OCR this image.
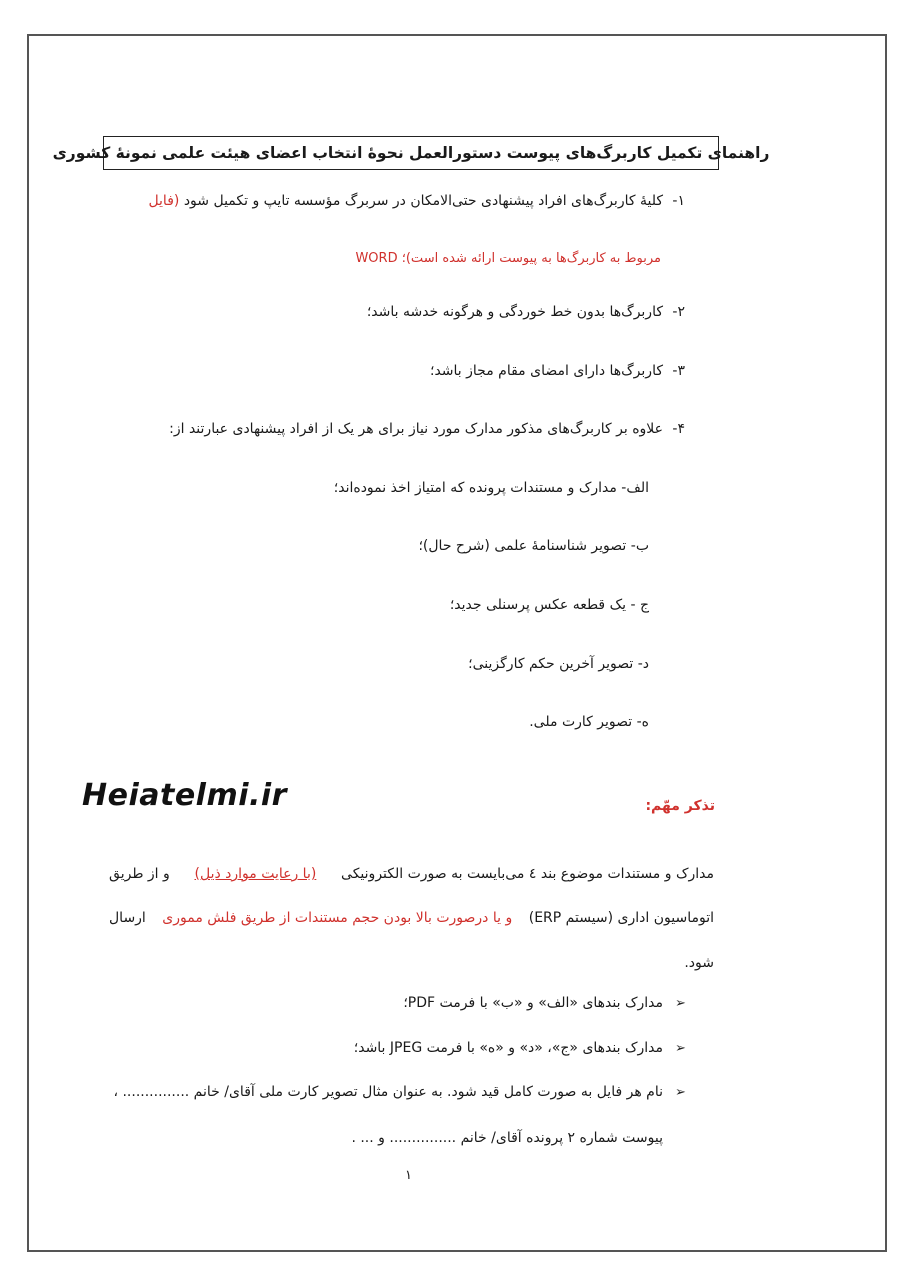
راهنمای تکمیل کاربرگ‌های پیوست دستورالعمل نحوهٔ انتخاب اعضای هیئت علمی نمونهٔ کشوری
۱-
کلیهٔ کاربرگ‌های افراد پیشنهادی حتی‌الامکان در سربرگ مؤسسه تایپ و تکمیل شود (فایل
WORD مربوط به کاربرگ‌ها به پیوست ارائه شده است)؛
۲-
کاربرگ‌ها بدون خط خوردگی و هرگونه خدشه باشد؛
۳-
کاربرگ‌ها دارای امضای مقام مجاز باشد؛
۴-
علاوه بر کاربرگ‌های مذکور مدارک مورد نیاز برای هر یک از افراد پیشنهادی عبارتند از:
الف- مدارک و مستندات پرونده که امتیاز اخذ نموده‌اند؛
ب- تصویر شناسنامهٔ علمی (شرح حال)؛
ج - یک قطعه عکس پرسنلی جدید؛
د- تصویر آخرین حکم کارگزینی؛
ه- تصویر کارت ملی.
Heiatelmi.ir	تذکر مهّم:
مدارک و مستندات موضوع بند ٤ می‌بایست به صورت الکترونیکی
(با رعایت موارد ذیل)
و از طریق
اتوماسیون اداری (سیستم ERP)
و یا درصورت بالا بودن حجم مستندات از طریق فلش مموری
ارسال
شود.
➢
مدارک بندهای «الف» و «ب» با فرمت PDF؛
➢
مدارک بندهای «ج»، «د» و «ه» با فرمت JPEG باشد؛
➢
نام هر فایل به صورت کامل قید شود. به عنوان مثال تصویر کارت ملی آقای/ خانم ............... ،
پیوست شماره ۲ پرونده آقای/ خانم ............... و ... .
۱
